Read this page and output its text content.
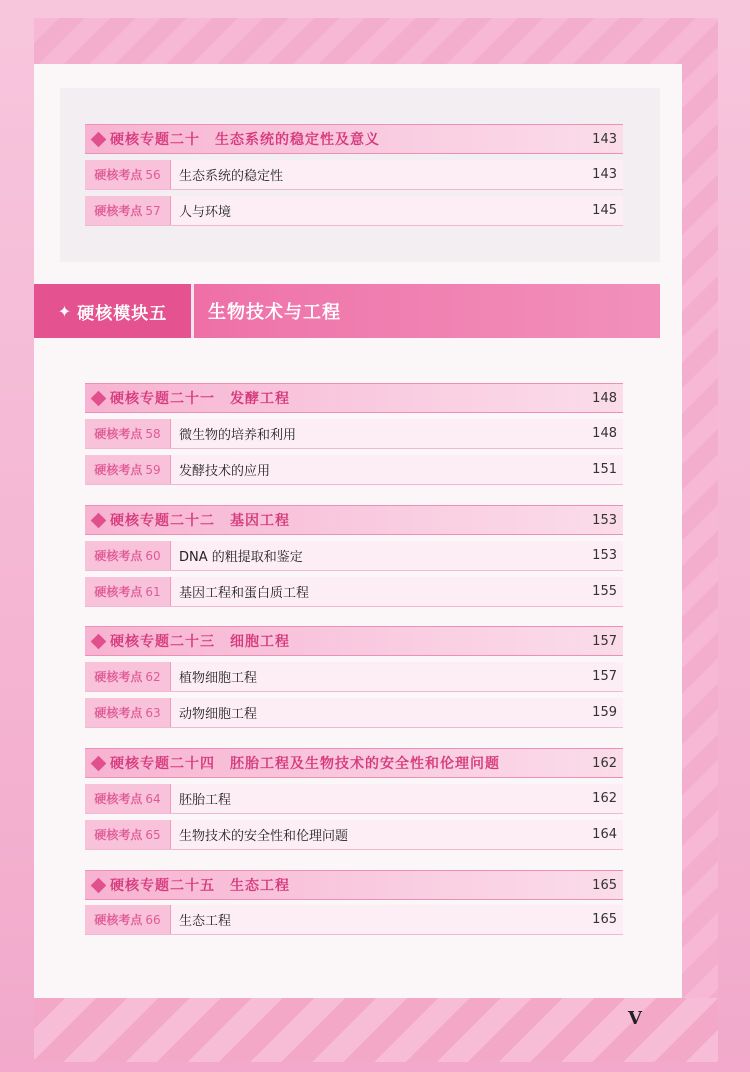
✦ 硬核模块五 生物技术与工程
硬核专题二十　生态系统的稳定性及意义	143
硬核考点 56 生态系统的稳定性	143
硬核考点 57 人与环境	145
硬核专题二十一　发酵工程	148
硬核考点 58 微生物的培养和利用	148
硬核考点 59 发酵技术的应用	151
硬核专题二十二　基因工程	153
硬核考点 60 DNA 的粗提取和鉴定	153
硬核考点 61 基因工程和蛋白质工程	155
硬核专题二十三　细胞工程	157
硬核考点 62 植物细胞工程	157
硬核考点 63 动物细胞工程	159
硬核专题二十四　胚胎工程及生物技术的安全性和伦理问题	162
硬核考点 64 胚胎工程	162
硬核考点 65 生物技术的安全性和伦理问题	164
硬核专题二十五　生态工程	165
硬核考点 66 生态工程	165
V
